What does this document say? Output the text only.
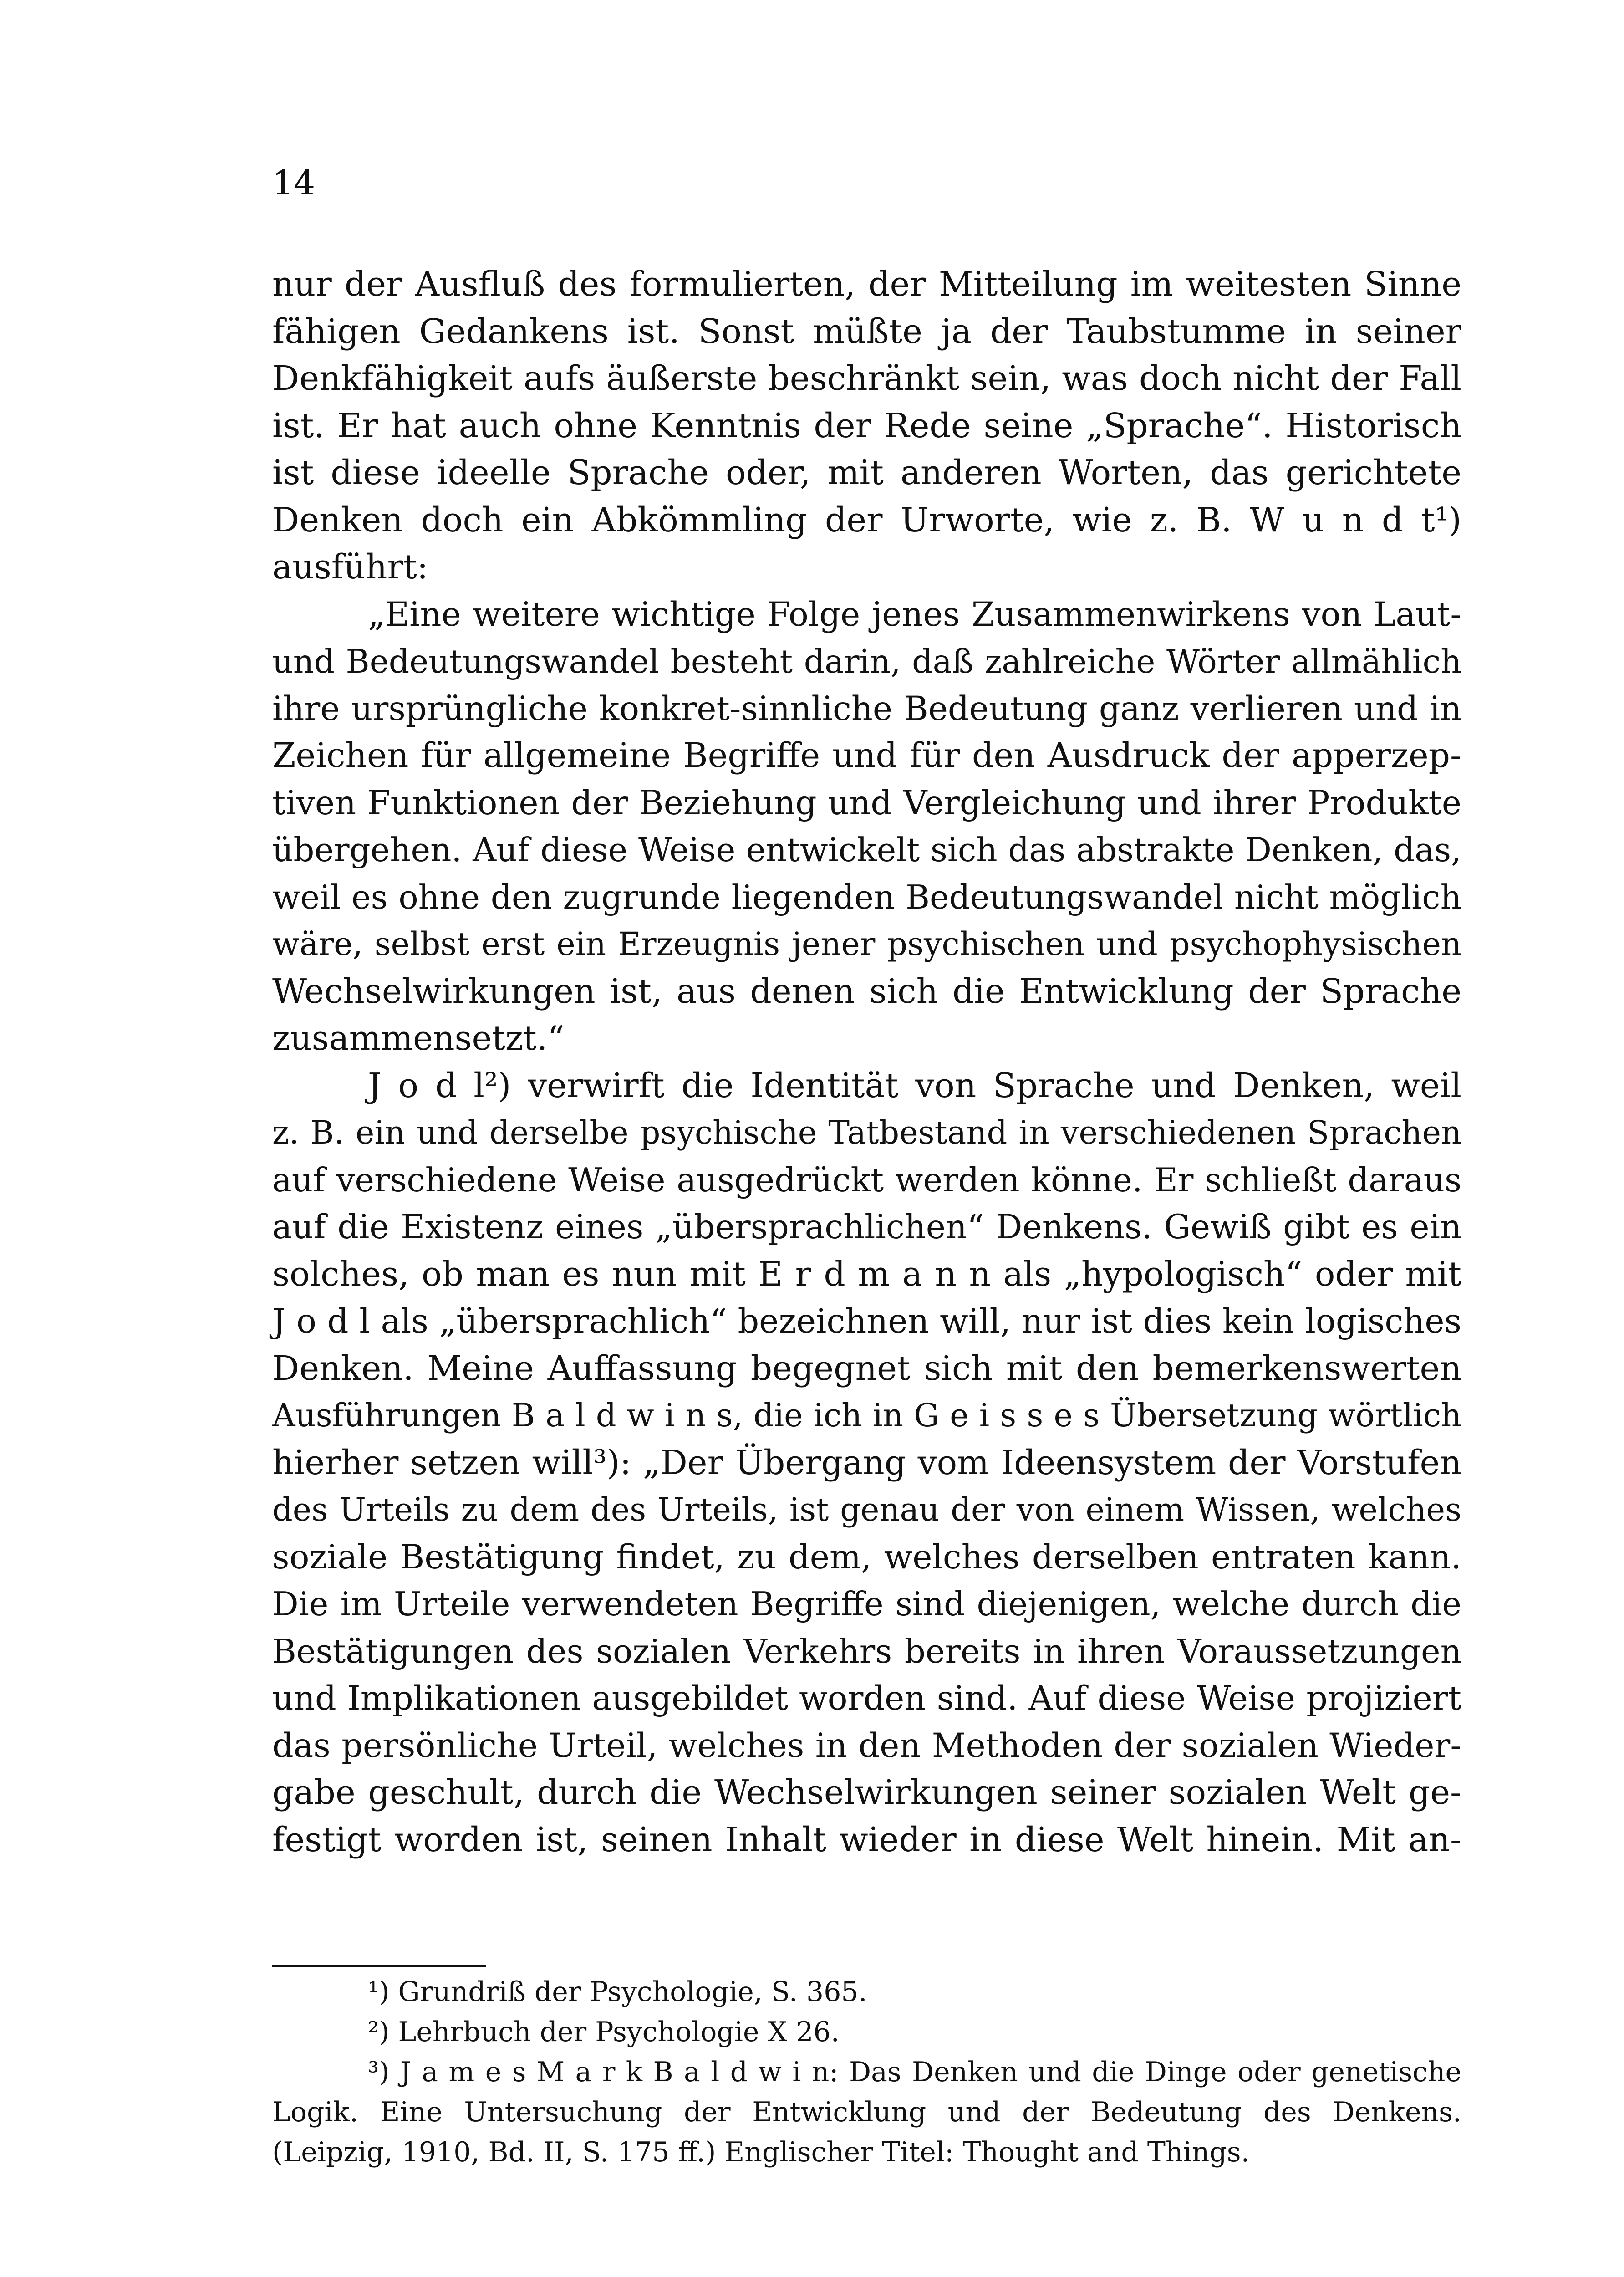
14
nur der Ausfluß des formulierten, der Mitteilung im weitesten Sinne
fähigen Gedankens ist. Sonst müßte ja der Taubstumme in seiner
Denkfähigkeit aufs äußerste beschränkt sein, was doch nicht der Fall
ist. Er hat auch ohne Kenntnis der Rede seine „Sprache“. Historisch
ist diese ideelle Sprache oder, mit anderen Worten, das gerichtete
Denken doch ein Abkömmling der Urworte, wie z. B. W u n d t¹)
ausführt:
„Eine weitere wichtige Folge jenes Zusammenwirkens von Laut-
und Bedeutungswandel besteht darin, daß zahlreiche Wörter allmählich
ihre ursprüngliche konkret-sinnliche Bedeutung ganz verlieren und in
Zeichen für allgemeine Begriffe und für den Ausdruck der apperzep-
tiven Funktionen der Beziehung und Vergleichung und ihrer Produkte
übergehen. Auf diese Weise entwickelt sich das abstrakte Denken, das,
weil es ohne den zugrunde liegenden Bedeutungswandel nicht möglich
wäre, selbst erst ein Erzeugnis jener psychischen und psychophysischen
Wechselwirkungen ist, aus denen sich die Entwicklung der Sprache
zusammensetzt.“
J o d l²) verwirft die Identität von Sprache und Denken, weil
z. B. ein und derselbe psychische Tatbestand in verschiedenen Sprachen
auf verschiedene Weise ausgedrückt werden könne. Er schließt daraus
auf die Existenz eines „übersprachlichen“ Denkens. Gewiß gibt es ein
solches, ob man es nun mit E r d m a n n als „hypologisch“ oder mit
J o d l als „übersprachlich“ bezeichnen will, nur ist dies kein logisches
Denken. Meine Auffassung begegnet sich mit den bemerkenswerten
Ausführungen B a l d w i n s, die ich in G e i s s e s Übersetzung wörtlich
hierher setzen will³): „Der Übergang vom Ideensystem der Vorstufen
des Urteils zu dem des Urteils, ist genau der von einem Wissen, welches
soziale Bestätigung findet, zu dem, welches derselben entraten kann.
Die im Urteile verwendeten Begriffe sind diejenigen, welche durch die
Bestätigungen des sozialen Verkehrs bereits in ihren Voraussetzungen
und Implikationen ausgebildet worden sind. Auf diese Weise projiziert
das persönliche Urteil, welches in den Methoden der sozialen Wieder-
gabe geschult, durch die Wechselwirkungen seiner sozialen Welt ge-
festigt worden ist, seinen Inhalt wieder in diese Welt hinein. Mit an-
¹) Grundriß der Psychologie, S. 365.
²) Lehrbuch der Psychologie X 26.
³) J a m e s M a r k B a l d w i n: Das Denken und die Dinge oder genetische
Logik. Eine Untersuchung der Entwicklung und der Bedeutung des Denkens.
(Leipzig, 1910, Bd. II, S. 175 ff.) Englischer Titel: Thought and Things.
